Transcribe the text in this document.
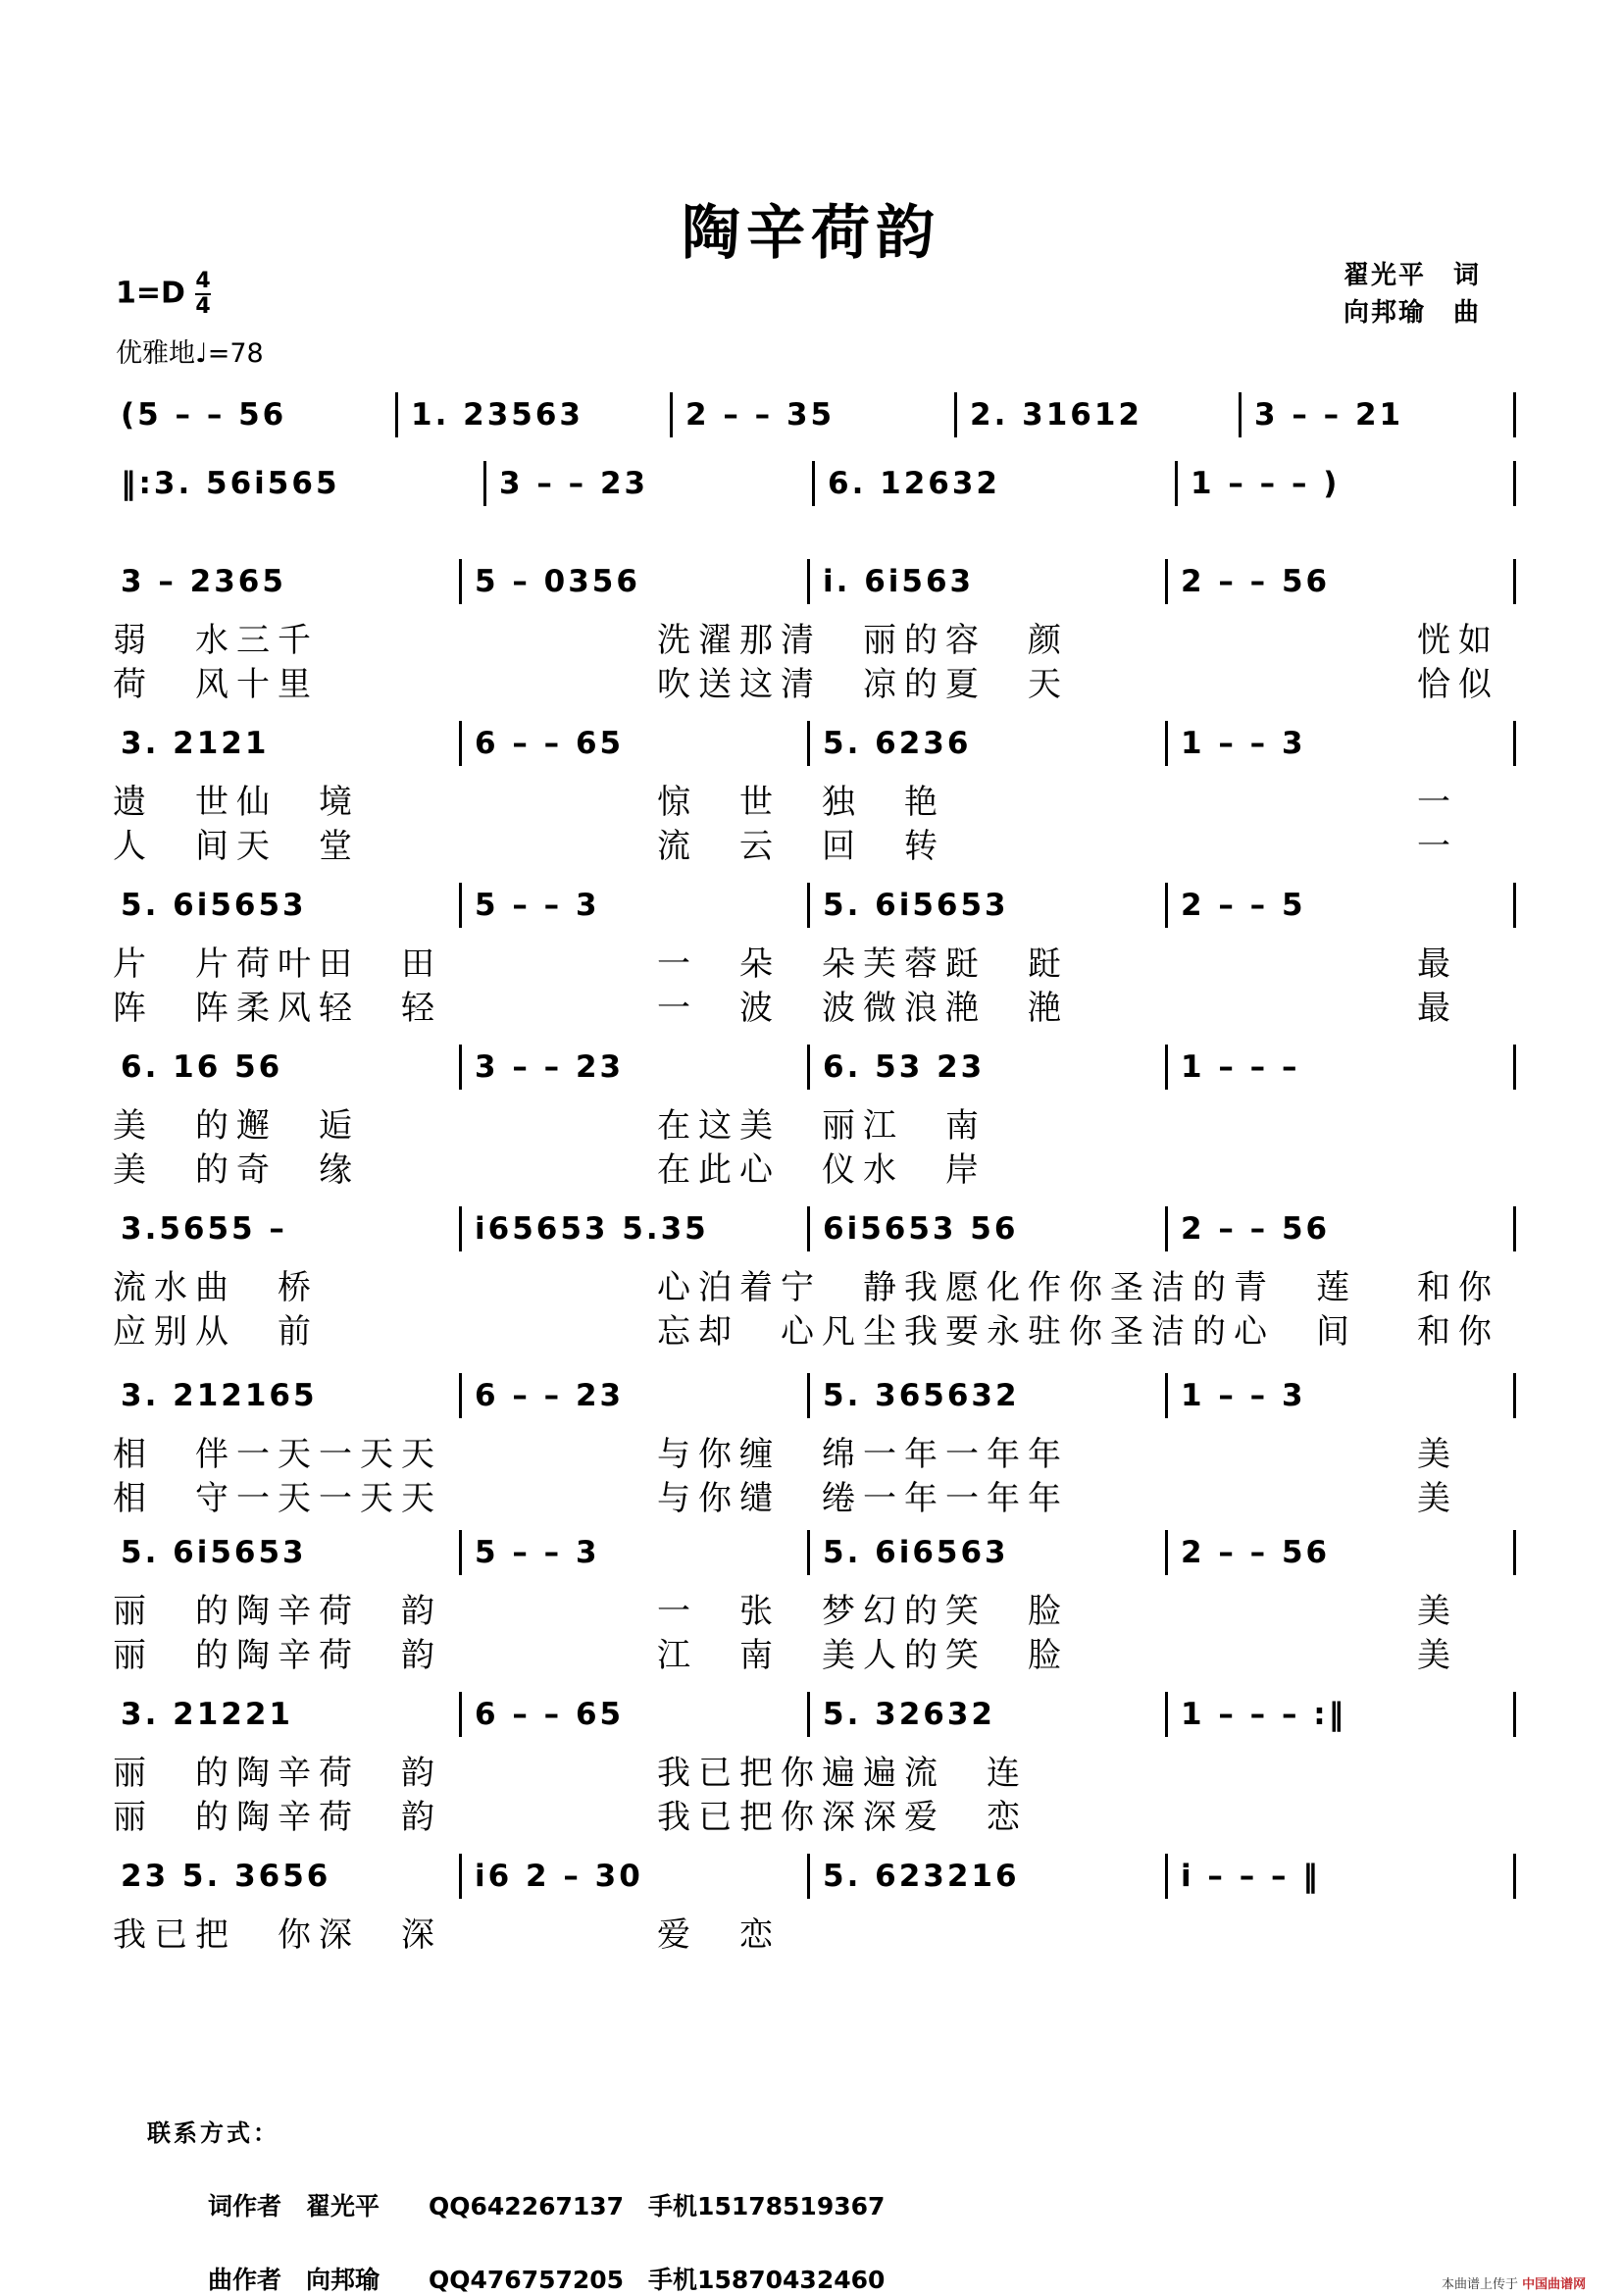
陶辛荷韵
翟光平　词
向邦瑜　曲
$1=D \frac{4}{4}$
优雅地♩=78
(5 – – 56	1. 23563	2 – – 35	2. 31612	3 – – 21
‖:3. 56i565	3 – – 23	6. 12632	1 – – – )
3 – 2365	5 – 0356	i. 6i563	2 – – 56
3. 2121	6 – – 65	5. 6236	1 – – 3
5. 6i5653	5 – – 3	5. 6i5653	2 – – 5
6. 16 56	3 – – 23	6. 53 23	1 – – –
3.5655 –	i65653 5.35	6i5653 56	2 – – 56
3. 212165	6 – – 23	5. 365632	1 – – 3
5. 6i5653	5 – – 3	5. 6i6563	2 – – 56
3. 21221	6 – – 65	5. 32632	1 – – – :‖
23 5. 3656	i6 2 – 30	5. 623216	i – – – ‖
弱　水三千	洗濯那清　丽的容　颜	恍如
荷　风十里	吹送这清　凉的夏　天	恰似
遗　世仙　境	惊　世　独　艳	一
人　间天　堂	流　云　回　转	一
片　片荷叶田　田	一　朵　朵芙蓉跹　跹	最
阵　阵柔风轻　轻	一　波　波微浪滟　滟	最
美　的邂　逅	在这美　丽江　南
美　的奇　缘	在此心　仪水　岸
流水曲　桥	心泊着宁　静我愿化作你圣洁的青　莲 和你
应别从　前	忘却　心凡尘我要永驻你圣洁的心　间 和你
相　伴一天一天天	与你缠　绵一年一年年	美
相　守一天一天天	与你缱　绻一年一年年	美
丽　的陶辛荷　韵	一　张　梦幻的笑　脸	美
丽　的陶辛荷　韵	江　南　美人的笑　脸	美
丽　的陶辛荷　韵	我已把你遍遍流　连
丽　的陶辛荷　韵	我已把你深深爱　恋
我已把　你深　深	爱　恋
联系方式：
词作者　翟光平　　QQ642267137　手机15178519367
曲作者　向邦瑜　　QQ476757205　手机15870432460	本曲谱上传于 中国曲谱网
